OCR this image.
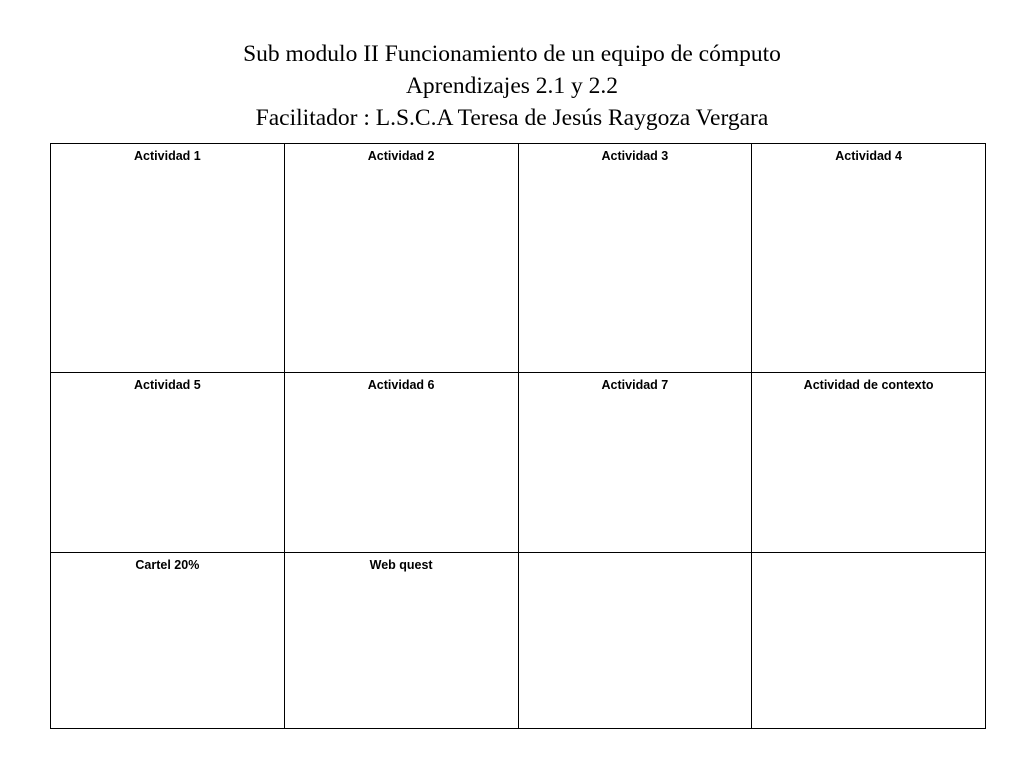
Sub modulo II Funcionamiento de un equipo de cómputo
Aprendizajes 2.1 y 2.2
Facilitador : L.S.C.A Teresa de Jesús Raygoza Vergara
Actividad 1	Actividad 2	Actividad 3	Actividad 4
Actividad 5	Actividad 6	Actividad 7	Actividad de contexto
Cartel 20%	Web quest		
